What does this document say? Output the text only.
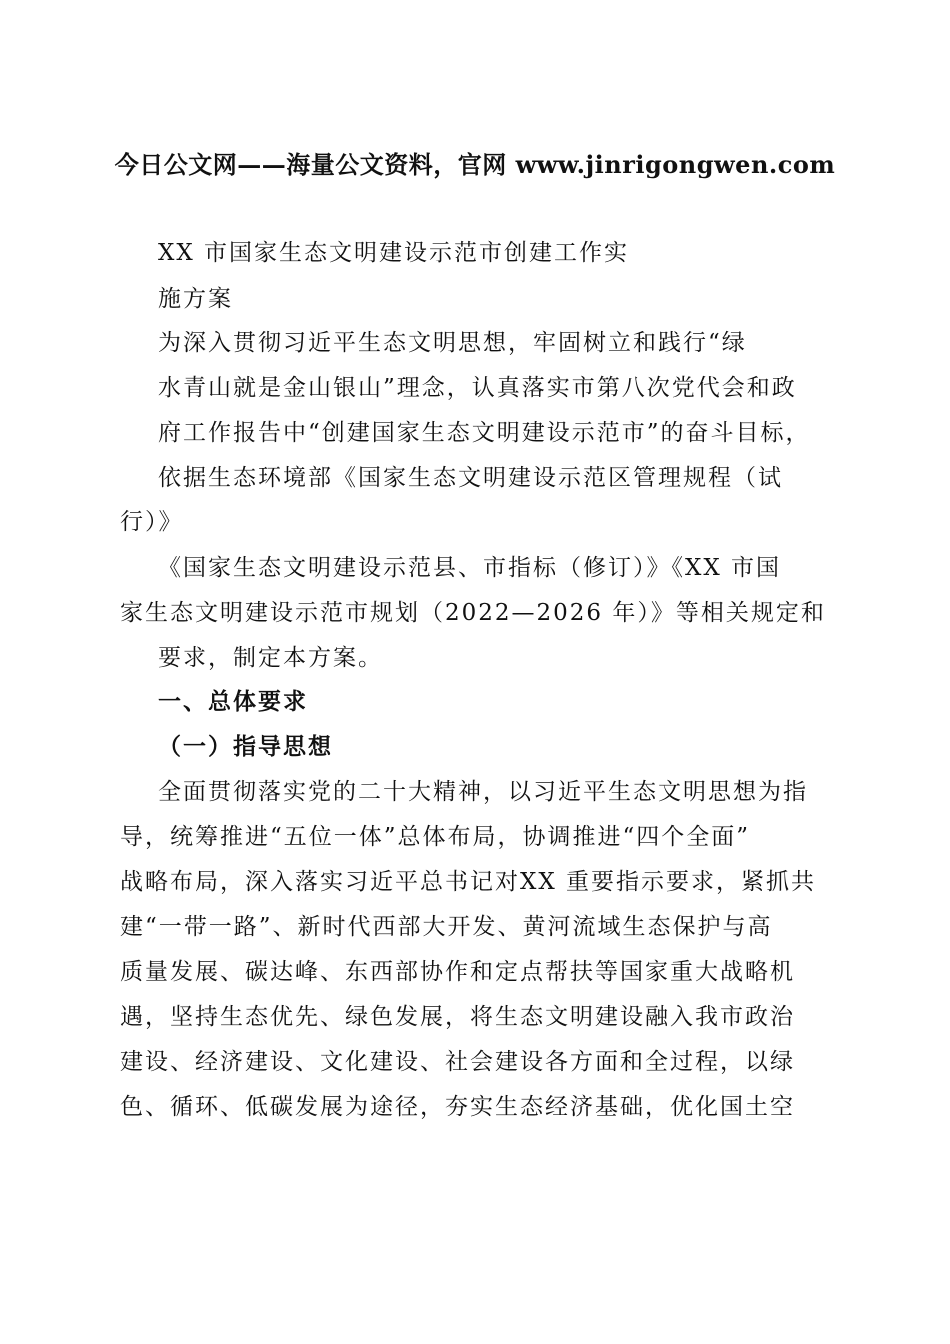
今日公文网——海量公文资料，官网 www.jinrigongwen.com
XX 市国家生态文明建设示范市创建工作实
施方案
为深入贯彻习近平生态文明思想，牢固树立和践行“绿
水青山就是金山银山”理念，认真落实市第八次党代会和政
府工作报告中“创建国家生态文明建设示范市”的奋斗目标，
依据生态环境部《国家生态文明建设示范区管理规程（试
行）》
《国家生态文明建设示范县、市指标（修订）》《XX 市国
家生态文明建设示范市规划（2022—2026 年）》等相关规定和
要求，制定本方案。
一、总体要求
（一）指导思想
全面贯彻落实党的二十大精神，以习近平生态文明思想为指
导，统筹推进“五位一体”总体布局，协调推进“四个全面”
战略布局，深入落实习近平总书记对XX 重要指示要求，紧抓共
建“一带一路”、新时代西部大开发、黄河流域生态保护与高
质量发展、碳达峰、东西部协作和定点帮扶等国家重大战略机
遇，坚持生态优先、绿色发展，将生态文明建设融入我市政治
建设、经济建设、文化建设、社会建设各方面和全过程，以绿
色、循环、低碳发展为途径，夯实生态经济基础，优化国土空
